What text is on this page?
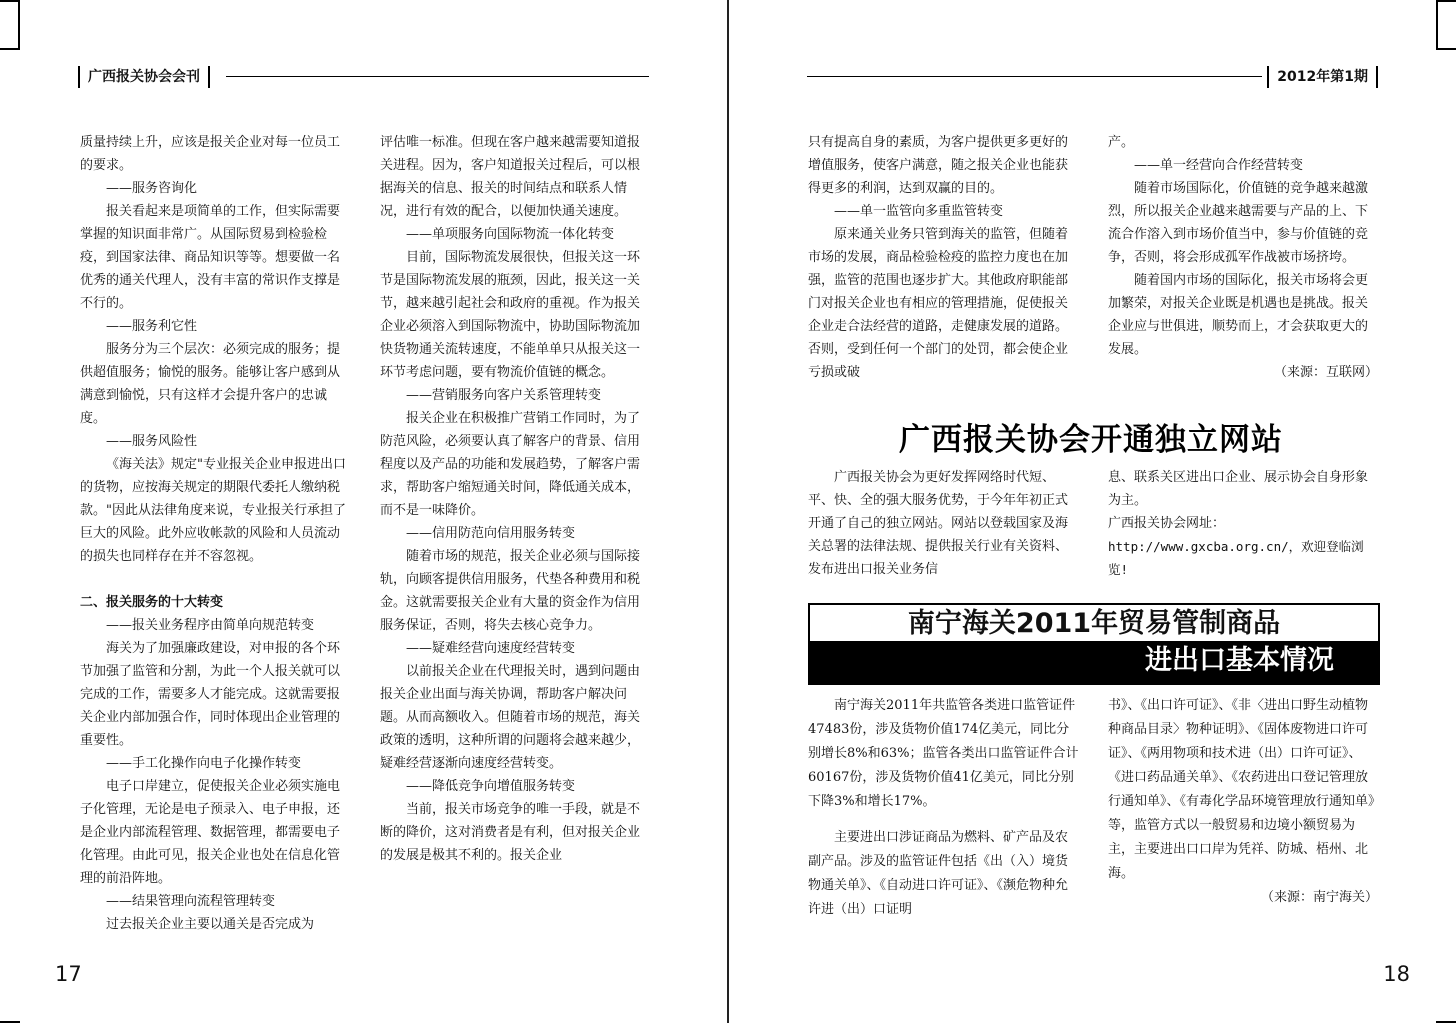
广西报关协会会刊

质量持续上升，应该是报关企业对每一位员工的要求。

——服务咨询化

报关看起来是项简单的工作，但实际需要掌握的知识面非常广。从国际贸易到检验检疫，到国家法律、商品知识等等。想要做一名优秀的通关代理人，没有丰富的常识作支撑是不行的。

——服务利它性

服务分为三个层次：必须完成的服务；提供超值服务；愉悦的服务。能够让客户感到从满意到愉悦，只有这样才会提升客户的忠诚度。

——服务风险性

《海关法》规定"专业报关企业申报进出口的货物，应按海关规定的期限代委托人缴纳税款。"因此从法律角度来说，专业报关行承担了巨大的风险。此外应收帐款的风险和人员流动的损失也同样存在并不容忽视。

二、报关服务的十大转变

——报关业务程序由简单向规范转变

海关为了加强廉政建设，对申报的各个环节加强了监管和分割，为此一个人报关就可以完成的工作，需要多人才能完成。这就需要报关企业内部加强合作，同时体现出企业管理的重要性。

——手工化操作向电子化操作转变

电子口岸建立，促使报关企业必须实施电子化管理，无论是电子预录入、电子申报，还是企业内部流程管理、数据管理，都需要电子化管理。由此可见，报关企业也处在信息化管理的前沿阵地。

——结果管理向流程管理转变

过去报关企业主要以通关是否完成为

评估唯一标准。但现在客户越来越需要知道报关进程。因为，客户知道报关过程后，可以根据海关的信息、报关的时间结点和联系人情况，进行有效的配合，以便加快通关速度。

——单项服务向国际物流一体化转变

目前，国际物流发展很快，但报关这一环节是国际物流发展的瓶颈，因此，报关这一关节，越来越引起社会和政府的重视。作为报关企业必须溶入到国际物流中，协助国际物流加快货物通关流转速度，不能单单只从报关这一环节考虑问题，要有物流价值链的概念。

——营销服务向客户关系管理转变

报关企业在积极推广营销工作同时，为了防范风险，必须要认真了解客户的背景、信用程度以及产品的功能和发展趋势，了解客户需求，帮助客户缩短通关时间，降低通关成本，而不是一味降价。

——信用防范向信用服务转变

随着市场的规范，报关企业必须与国际接轨，向顾客提供信用服务，代垫各种费用和税金。这就需要报关企业有大量的资金作为信用服务保证，否则，将失去核心竞争力。

——疑难经营向速度经营转变

以前报关企业在代理报关时，遇到问题由报关企业出面与海关协调，帮助客户解决问题。从而高额收入。但随着市场的规范，海关政策的透明，这种所谓的问题将会越来越少，疑难经营逐渐向速度经营转变。

——降低竞争向增值服务转变

当前，报关市场竞争的唯一手段，就是不断的降价，这对消费者是有利，但对报关企业的发展是极其不利的。报关企业

17
2012年第1期
18

只有提高自身的素质，为客户提供更多更好的增值服务，使客户满意，随之报关企业也能获得更多的利润，达到双赢的目的。

——单一监管向多重监管转变

原来通关业务只管到海关的监管，但随着市场的发展，商品检验检疫的监控力度也在加强，监管的范围也逐步扩大。其他政府职能部门对报关企业也有相应的管理措施，促使报关企业走合法经营的道路，走健康发展的道路。否则，受到任何一个部门的处罚，都会使企业亏损或破

产。

——单一经营向合作经营转变

随着市场国际化，价值链的竞争越来越激烈，所以报关企业越来越需要与产品的上、下流合作溶入到市场价值当中，参与价值链的竞争，否则，将会形成孤军作战被市场挤垮。

随着国内市场的国际化，报关市场将会更加繁荣，对报关企业既是机遇也是挑战。报关企业应与世俱进，顺势而上，才会获取更大的发展。

（来源：互联网）

广西报关协会开通独立网站

广西报关协会为更好发挥网络时代短、平、快、全的强大服务优势，于今年年初正式开通了自己的独立网站。网站以登载国家及海关总署的法律法规、提供报关行业有关资料、发布进出口报关业务信

息、联系关区进出口企业、展示协会自身形象为主。

广西报关协会网址：

http://www.gxcba.org.cn/，欢迎登临浏览!

南宁海关2011年贸易管制商品
进出口基本情况

南宁海关2011年共监管各类进口监管证件47483份，涉及货物价值174亿美元，同比分别增长8%和63%；监管各类出口监管证件合计60167份，涉及货物价值41亿美元，同比分别下降3%和增长17%。

主要进出口涉证商品为燃料、矿产品及农副产品。涉及的监管证件包括《出（入）境货物通关单》、《自动进口许可证》、《濒危物种允许进（出）口证明

书》、《出口许可证》、《非〈进出口野生动植物种商品目录〉物种证明》、《固体废物进口许可证》、《两用物项和技术进（出）口许可证》、《进口药品通关单》、《农药进出口登记管理放行通知单》、《有毒化学品环境管理放行通知单》等，监管方式以一般贸易和边境小额贸易为主，主要进出口口岸为凭祥、防城、梧州、北海。

（来源：南宁海关）
